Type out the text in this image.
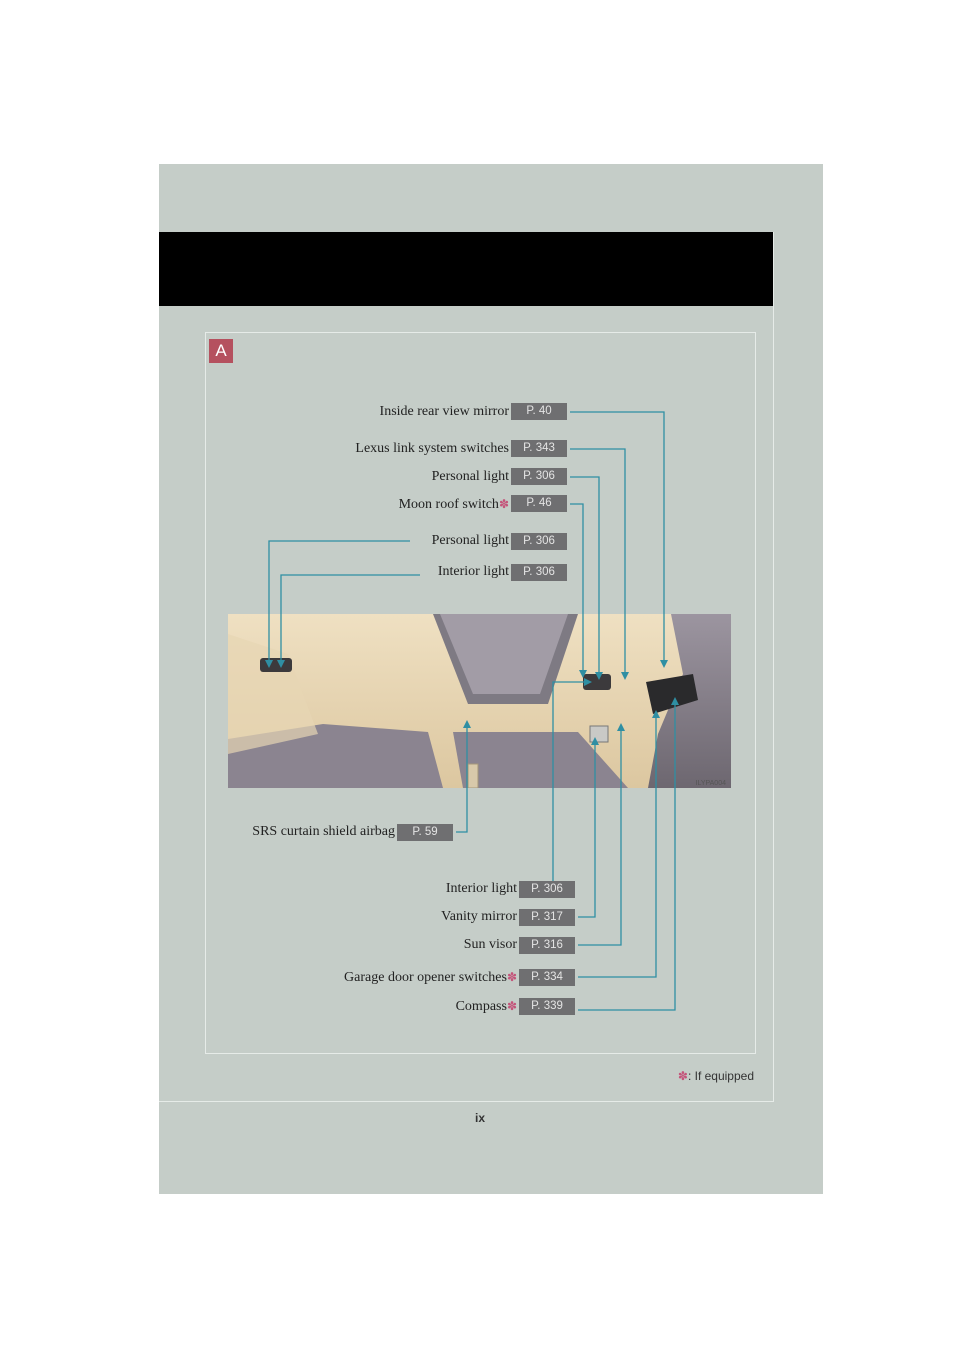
A
ILYPA004
Inside rear view mirror	P. 40
Lexus link system switches	P. 343
Personal light	P. 306
Moon roof switch✽	P. 46
Personal light	P. 306
Interior light	P. 306
SRS curtain shield airbag	P. 59
Interior light	P. 306
Vanity mirror	P. 317
Sun visor	P. 316
Garage door opener switches✽	P. 334
Compass✽	P. 339
✽: If equipped
ix
